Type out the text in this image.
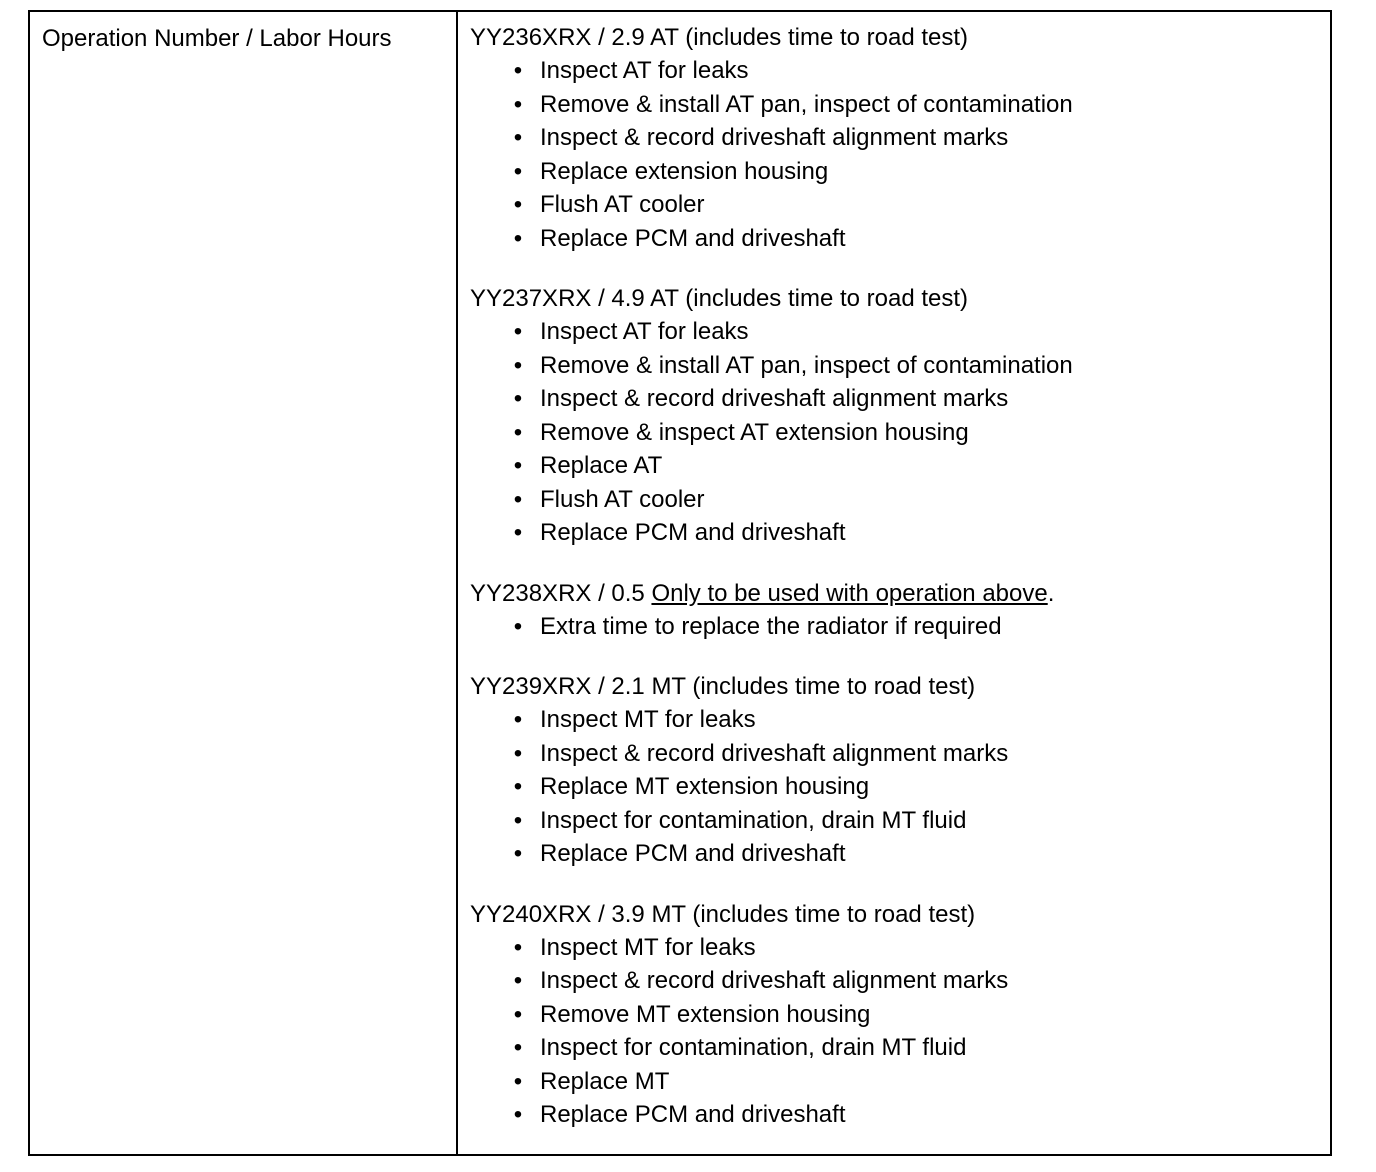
Operation Number / Labor Hours	YY236XRX / 2.9 AT (includes time to road test)
• Inspect AT for leaks
• Remove & install AT pan, inspect of contamination
• Inspect & record driveshaft alignment marks
• Replace extension housing
• Flush AT cooler
• Replace PCM and driveshaft
YY237XRX / 4.9 AT (includes time to road test)
• Inspect AT for leaks
• Remove & install AT pan, inspect of contamination
• Inspect & record driveshaft alignment marks
• Remove & inspect AT extension housing
• Replace AT
• Flush AT cooler
• Replace PCM and driveshaft
YY238XRX / 0.5 Only to be used with operation above.
• Extra time to replace the radiator if required
YY239XRX / 2.1 MT (includes time to road test)
• Inspect MT for leaks
• Inspect & record driveshaft alignment marks
• Replace MT extension housing
• Inspect for contamination, drain MT fluid
• Replace PCM and driveshaft
YY240XRX / 3.9 MT (includes time to road test)
• Inspect MT for leaks
• Inspect & record driveshaft alignment marks
• Remove MT extension housing
• Inspect for contamination, drain MT fluid
• Replace MT
• Replace PCM and driveshaft
